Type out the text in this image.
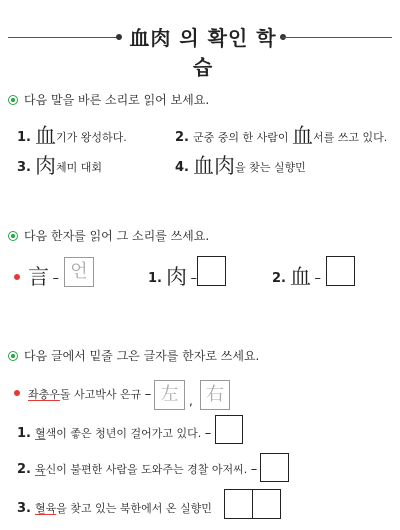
血肉 의 확인 학습
다음 말을 바른 소리로 읽어 보세요.
1. 血기가 왕성하다.	2. 군중 중의 한 사람이 血서를 쓰고 있다.
3. 肉체미 대회	4. 血肉을 찾는 실향민
다음 한자를 읽어 그 소리를 쓰세요.
言 – 언	1. 肉 –	2. 血 –
다음 글에서 밑줄 그은 글자를 한자로 쓰세요.
좌충우돌 사고박사 은규 – 左 , 右
1. 혈색이 좋은 청년이 걸어가고 있다. –
2. 육신이 불편한 사람을 도와주는 경찰 아저씨. –
3. 혈육을 찾고 있는 북한에서 온 실향민
